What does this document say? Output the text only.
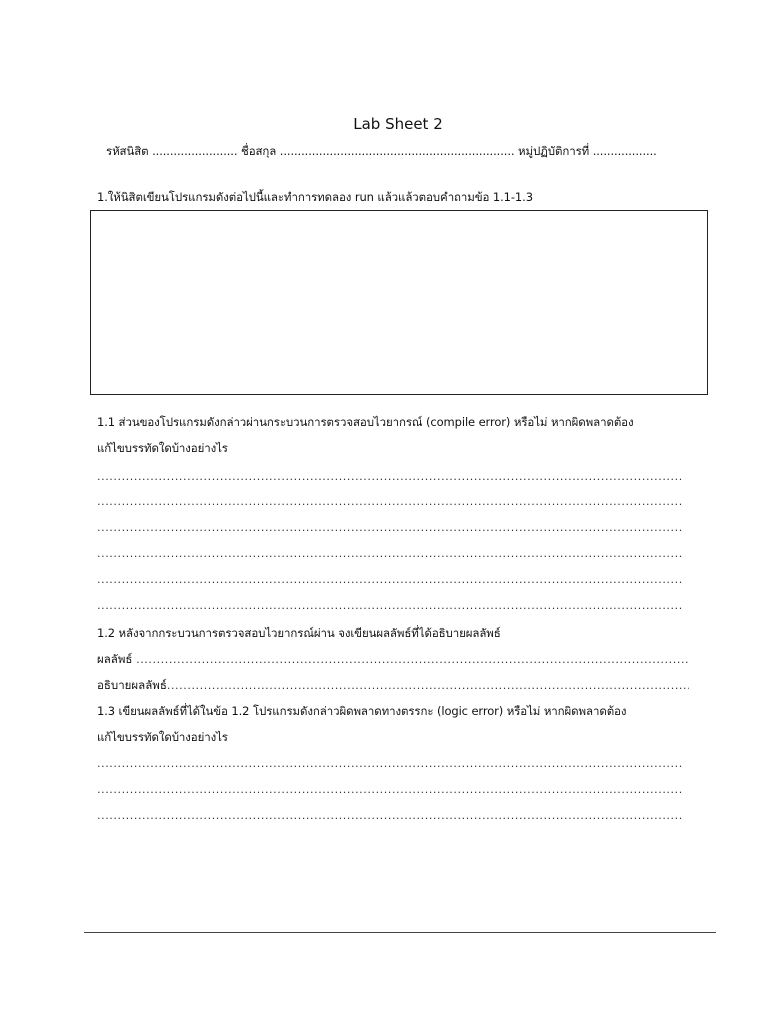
Lab Sheet 2
รหัสนิสิต ........................ ชื่อสกุล .................................................................. หมู่ปฏิบัติการที่ ..................
1.ให้นิสิตเขียนโปรแกรมดังต่อไปนี้และทำการทดลอง run แล้วแล้วตอบคำถามข้อ 1.1-1.3
1.1 ส่วนของโปรแกรมดังกล่าวผ่านกระบวนการตรวจสอบไวยากรณ์ (compile error) หรือไม่ หากผิดพลาดต้อง
แก้ไขบรรทัดใดบ้างอย่างไร
.....
.....
.....
.....
.....
.....
1.2 หลังจากกระบวนการตรวจสอบไวยากรณ์ผ่าน จงเขียนผลลัพธ์ที่ได้อธิบายผลลัพธ์
ผลลัพธ์ .....
อธิบายผลลัพธ์ .....
1.3 เขียนผลลัพธ์ที่ได้ในข้อ 1.2 โปรแกรมดังกล่าวผิดพลาดทางตรรกะ (logic error) หรือไม่ หากผิดพลาดต้อง
แก้ไขบรรทัดใดบ้างอย่างไร
.....
.....
.....
